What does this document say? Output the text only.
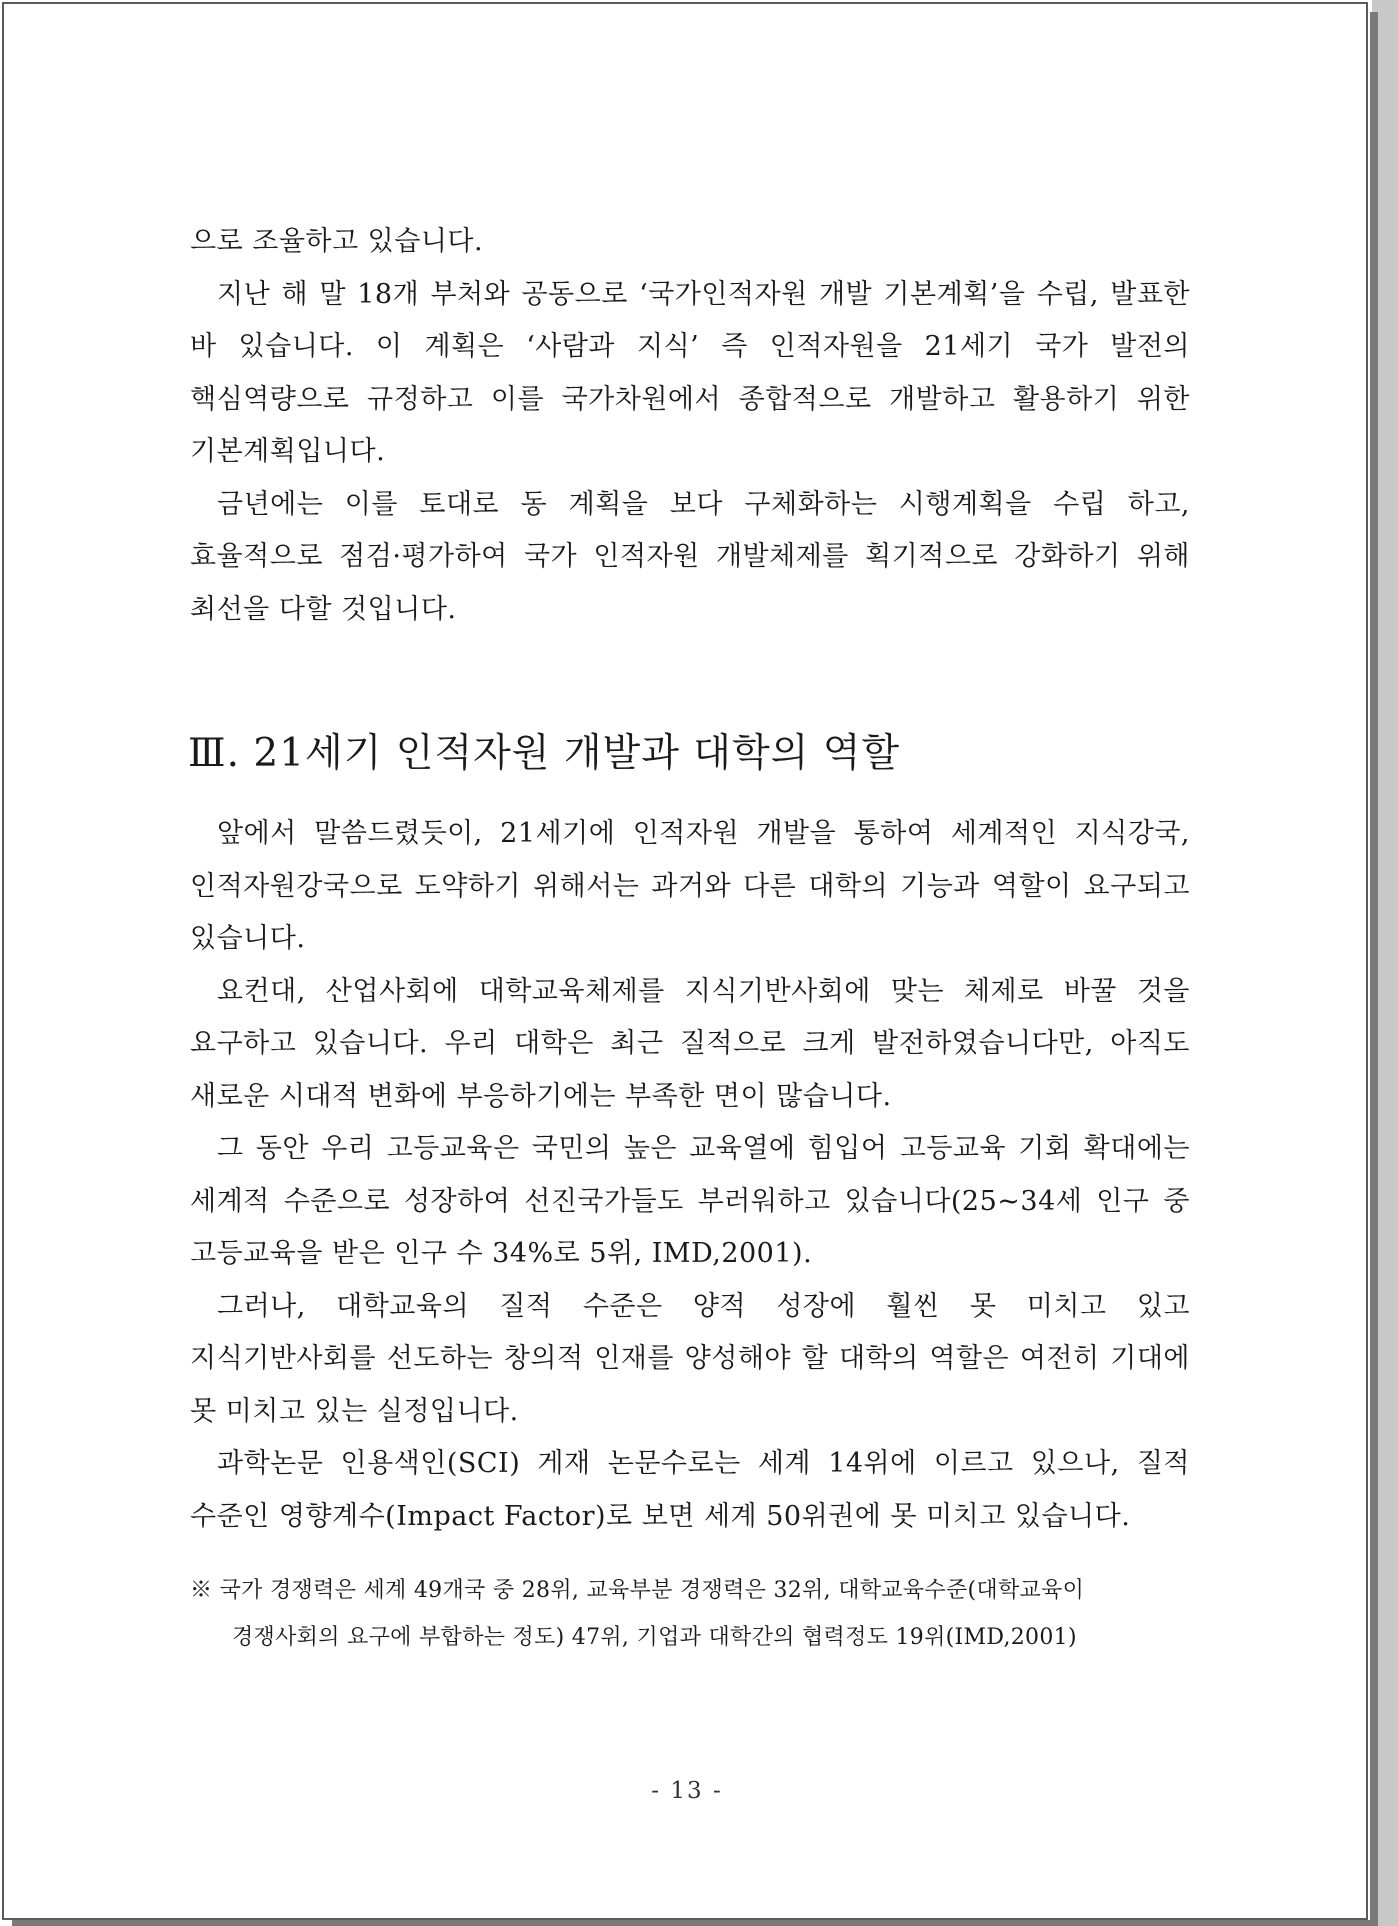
으로 조율하고 있습니다.

지난 해 말 18개 부처와 공동으로 ‘국가인적자원 개발 기본계획’을 수립, 발표한 바 있습니다. 이 계획은 ‘사람과 지식’ 즉 인적자원을 21세기 국가 발전의 핵심역량으로 규정하고 이를 국가차원에서 종합적으로 개발하고 활용하기 위한 기본계획입니다.

금년에는 이를 토대로 동 계획을 보다 구체화하는 시행계획을 수립 하고, 효율적으로 점검·평가하여 국가 인적자원 개발체제를 획기적으로 강화하기 위해 최선을 다할 것입니다.

Ⅲ. 21세기 인적자원 개발과 대학의 역할

앞에서 말씀드렸듯이, 21세기에 인적자원 개발을 통하여 세계적인 지식강국, 인적자원강국으로 도약하기 위해서는 과거와 다른 대학의 기능과 역할이 요구되고 있습니다.

요컨대, 산업사회에 대학교육체제를 지식기반사회에 맞는 체제로 바꿀 것을 요구하고 있습니다. 우리 대학은 최근 질적으로 크게 발전하였습니다만, 아직도 새로운 시대적 변화에 부응하기에는 부족한 면이 많습니다.

그 동안 우리 고등교육은 국민의 높은 교육열에 힘입어 고등교육 기회 확대에는 세계적 수준으로 성장하여 선진국가들도 부러워하고 있습니다(25~34세 인구 중 고등교육을 받은 인구 수 34%로 5위, IMD,2001).

그러나, 대학교육의 질적 수준은 양적 성장에 훨씬 못 미치고 있고 지식기반사회를 선도하는 창의적 인재를 양성해야 할 대학의 역할은 여전히 기대에 못 미치고 있는 실정입니다.

과학논문 인용색인(SCI) 게재 논문수로는 세계 14위에 이르고 있으나, 질적 수준인 영향계수(Impact Factor)로 보면 세계 50위권에 못 미치고 있습니다.

※ 국가 경쟁력은 세계 49개국 중 28위, 교육부분 경쟁력은 32위, 대학교육수준(대학교육이

경쟁사회의 요구에 부합하는 정도) 47위, 기업과 대학간의 협력정도 19위(IMD,2001)

- 13 -
